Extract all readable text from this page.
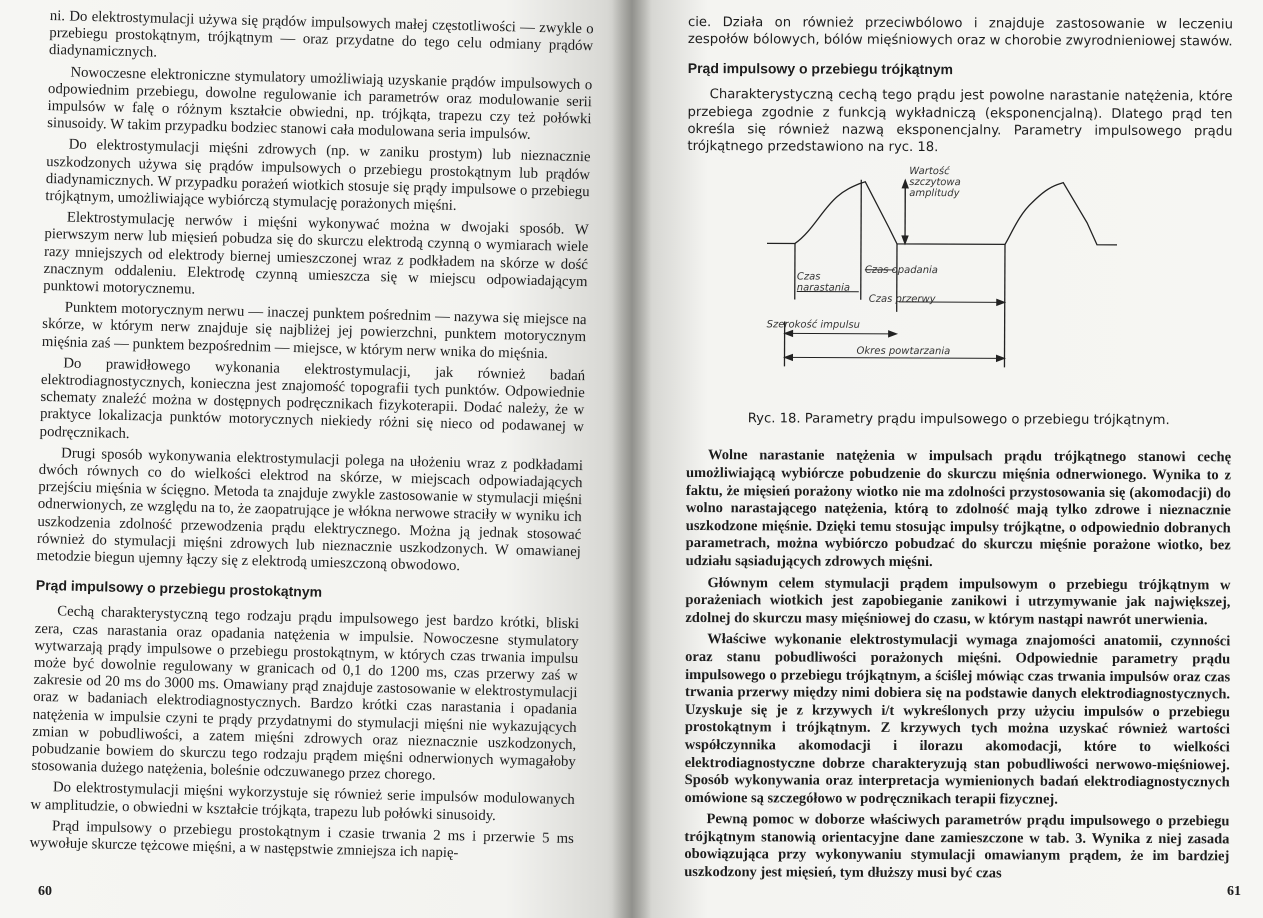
ni. Do elektrostymulacji używa się prądów impulsowych małej częstotliwości — zwykle o przebiegu prostokątnym, trójkątnym — oraz przydatne do tego celu odmiany prądów diadynamicznych.

Nowoczesne elektroniczne stymulatory umożliwiają uzyskanie prądów impulsowych o odpowiednim przebiegu, dowolne regulowanie ich parametrów oraz modulowanie serii impulsów w falę o różnym kształcie obwiedni, np. trójkąta, trapezu czy też połówki sinusoidy. W takim przypadku bodziec stanowi cała modulowana seria impulsów.

Do elektrostymulacji mięśni zdrowych (np. w zaniku prostym) lub nieznacznie uszkodzonych używa się prądów impulsowych o przebiegu prostokątnym lub prądów diadynamicznych. W przypadku porażeń wiotkich stosuje się prądy impulsowe o przebiegu trójkątnym, umożliwiające wybiórczą stymulację porażonych mięśni.

Elektrostymulację nerwów i mięśni wykonywać można w dwojaki sposób. W pierwszym nerw lub mięsień pobudza się do skurczu elektrodą czynną o wymiarach wiele razy mniejszych od elektrody biernej umieszczonej wraz z podkładem na skórze w dość znacznym oddaleniu. Elektrodę czynną umieszcza się w miejscu odpowiadającym punktowi motorycznemu.

Punktem motorycznym nerwu — inaczej punktem pośrednim — nazywa się miejsce na skórze, w którym nerw znajduje się najbliżej jej powierzchni, punktem motorycznym mięśnia zaś — punktem bezpośrednim — miejsce, w którym nerw wnika do mięśnia.

Do prawidłowego wykonania elektrostymulacji, jak również badań elektrodiagnostycznych, konieczna jest znajomość topografii tych punktów. Odpowiednie schematy znaleźć można w dostępnych podręcznikach fizykoterapii. Dodać należy, że w praktyce lokalizacja punktów motorycznych niekiedy różni się nieco od podawanej w podręcznikach.

Drugi sposób wykonywania elektrostymulacji polega na ułożeniu wraz z podkładami dwóch równych co do wielkości elektrod na skórze, w miejscach odpowiadających przejściu mięśnia w ścięgno. Metoda ta znajduje zwykle zastosowanie w stymulacji mięśni odnerwionych, ze względu na to, że zaopatrujące je włókna nerwowe straciły w wyniku ich uszkodzenia zdolność przewodzenia prądu elektrycznego. Można ją jednak stosować również do stymulacji mięśni zdrowych lub nieznacznie uszkodzonych. W omawianej metodzie biegun ujemny łączy się z elektrodą umieszczoną obwodowo.

Prąd impulsowy o przebiegu prostokątnym

Cechą charakterystyczną tego rodzaju prądu impulsowego jest bardzo krótki, bliski zera, czas narastania oraz opadania natężenia w impulsie. Nowoczesne stymulatory wytwarzają prądy impulsowe o przebiegu prostokątnym, w których czas trwania impulsu może być dowolnie regulowany w granicach od 0,1 do 1200 ms, czas przerwy zaś w zakresie od 20 ms do 3000 ms. Omawiany prąd znajduje zastosowanie w elektrostymulacji oraz w badaniach elektrodiagnostycznych. Bardzo krótki czas narastania i opadania natężenia w impulsie czyni te prądy przydatnymi do stymulacji mięśni nie wykazujących zmian w pobudliwości, a zatem mięśni zdrowych oraz nieznacznie uszkodzonych, pobudzanie bowiem do skurczu tego rodzaju prądem mięśni odnerwionych wymagałoby stosowania dużego natężenia, boleśnie odczuwanego przez chorego.

Do elektrostymulacji mięśni wykorzystuje się również serie impulsów modulowanych w amplitudzie, o obwiedni w kształcie trójkąta, trapezu lub połówki sinusoidy.

Prąd impulsowy o przebiegu prostokątnym i czasie trwania 2 ms i przerwie 5 ms wywołuje skurcze tężcowe mięśni, a w następstwie zmniejsza ich napię-

60

cie. Działa on również przeciwbólowo i znajduje zastosowanie w leczeniu zespołów bólowych, bólów mięśniowych oraz w chorobie zwyrodnieniowej stawów.

Prąd impulsowy o przebiegu trójkątnym

Charakterystyczną cechą tego prądu jest powolne narastanie natężenia, które przebiega zgodnie z funkcją wykładniczą (eksponencjalną). Dlatego prąd ten określa się również nazwą eksponencjalny. Parametry impulsowego prądu trójkątnego przedstawiono na ryc. 18.

Wartość szczytowa amplitudy
Czas opadania
Czas narastania
Czas przerwy
Szerokość impulsu
Okres powtarzania

Ryc. 18. Parametry prądu impulsowego o przebiegu trójkątnym.

Wolne narastanie natężenia w impulsach prądu trójkątnego stanowi cechę umożliwiającą wybiórcze pobudzenie do skurczu mięśnia odnerwionego. Wynika to z faktu, że mięsień porażony wiotko nie ma zdolności przystosowania się (akomodacji) do wolno narastającego natężenia, którą to zdolność mają tylko zdrowe i nieznacznie uszkodzone mięśnie. Dzięki temu stosując impulsy trójkątne, o odpowiednio dobranych parametrach, można wybiórczo pobudzać do skurczu mięśnie porażone wiotko, bez udziału sąsiadujących zdrowych mięśni.

Głównym celem stymulacji prądem impulsowym o przebiegu trójkątnym w porażeniach wiotkich jest zapobieganie zanikowi i utrzymywanie jak największej, zdolnej do skurczu masy mięśniowej do czasu, w którym nastąpi nawrót unerwienia.

Właściwe wykonanie elektrostymulacji wymaga znajomości anatomii, czynności oraz stanu pobudliwości porażonych mięśni. Odpowiednie parametry prądu impulsowego o przebiegu trójkątnym, a ściślej mówiąc czas trwania impulsów oraz czas trwania przerwy między nimi dobiera się na podstawie danych elektrodiagnostycznych. Uzyskuje się je z krzywych i/t wykreślonych przy użyciu impulsów o przebiegu prostokątnym i trójkątnym. Z krzywych tych można uzyskać również wartości współczynnika akomodacji i ilorazu akomodacji, które to wielkości elektrodiagnostyczne dobrze charakteryzują stan pobudliwości nerwowo-mięśniowej. Sposób wykonywania oraz interpretacja wymienionych badań elektrodiagnostycznych omówione są szczegółowo w podręcznikach terapii fizycznej.

Pewną pomoc w doborze właściwych parametrów prądu impulsowego o przebiegu trójkątnym stanowią orientacyjne dane zamieszczone w tab. 3. Wynika z niej zasada obowiązująca przy wykonywaniu stymulacji omawianym prądem, że im bardziej uszkodzony jest mięsień, tym dłuższy musi być czas

61
